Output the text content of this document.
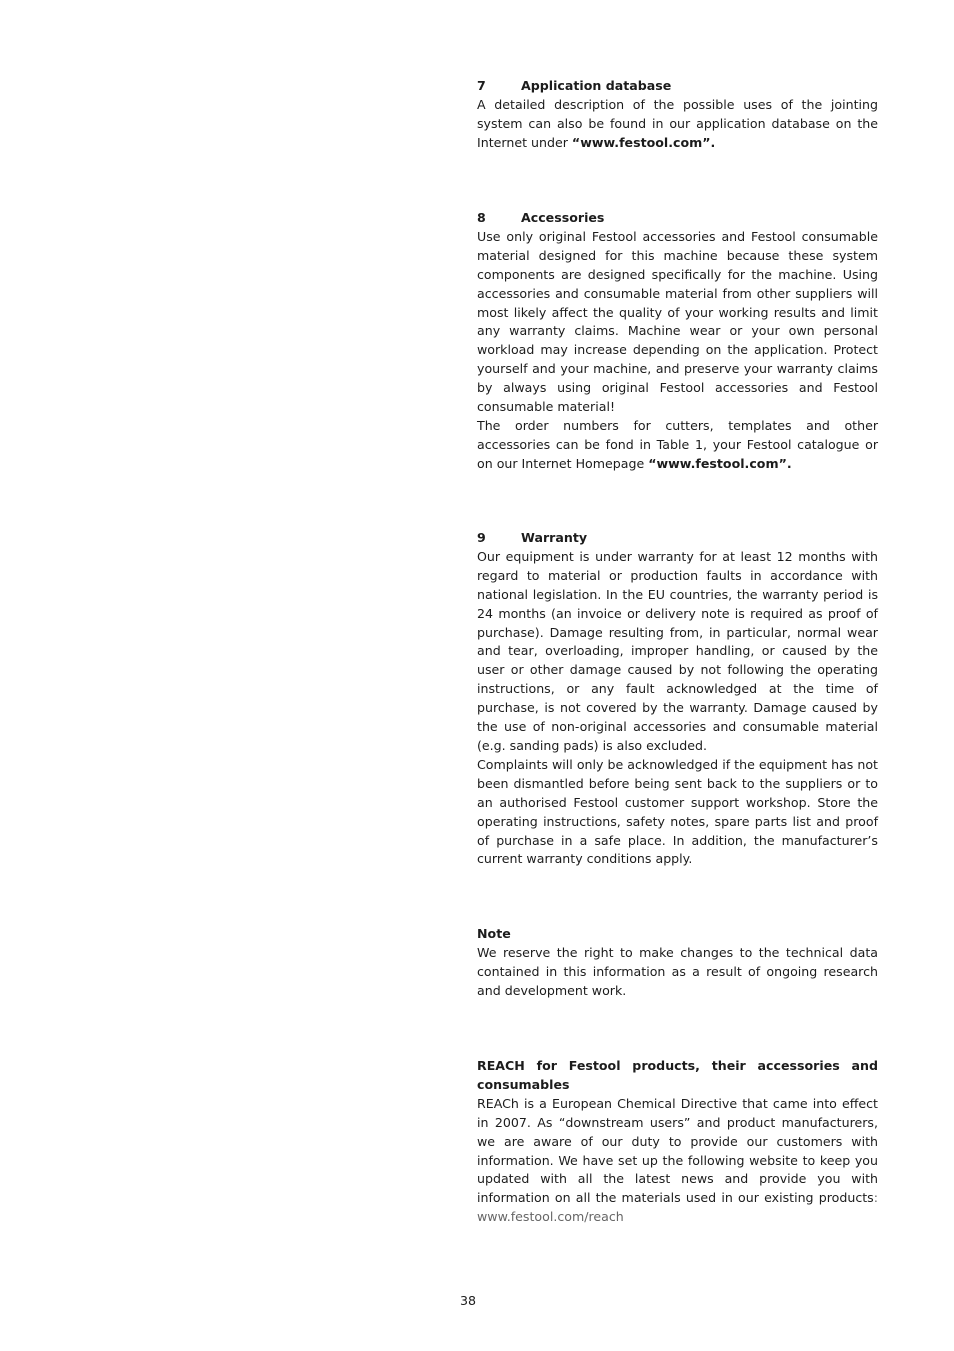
7	Application database

A detailed description of the possible uses of the jointing system can also be found in our application database on the Internet under “www.festool.com”.

8	Accessories

Use only original Festool accessories and Festool consumable material designed for this machine because these system components are designed specifically for the machine. Using accessories and consumable material from other suppliers will most likely affect the quality of your working results and limit any warranty claims. Machine wear or your own personal workload may increase depending on the application. Protect yourself and your machine, and preserve your warranty claims by always using original Festool accessories and Festool consumable material!

The order numbers for cutters, templates and other accessories can be fond in Table 1, your Festool catalogue or on our Internet Homepage “www.festool.com”.

9	Warranty

Our equipment is under warranty for at least 12 months with regard to material or production faults in accordance with national legislation. In the EU countries, the warranty period is 24 months (an invoice or delivery note is required as proof of purchase). Damage resulting from, in particular, normal wear and tear, overloading, improper handling, or caused by the user or other damage caused by not following the operating instructions, or any fault acknowledged at the time of purchase, is not covered by the warranty. Damage caused by the use of non-original accessories and consumable material (e.g. sanding pads) is also excluded.

Complaints will only be acknowledged if the equipment has not been dismantled before being sent back to the suppliers or to an authorised Festool customer support workshop. Store the operating instructions, safety notes, spare parts list and proof of purchase in a safe place. In addition, the manufacturer’s current warranty conditions apply.

Note

We reserve the right to make changes to the technical data contained in this information as a result of ongoing research and development work.

REACH for Festool products, their accessories and consumables

REACh is a European Chemical Directive that came into effect in 2007. As “downstream users” and product manufacturers, we are aware of our duty to provide our customers with information. We have set up the following website to keep you updated with all the latest news and provide you with information on all the materials used in our existing products: www.festool.com/reach

38
